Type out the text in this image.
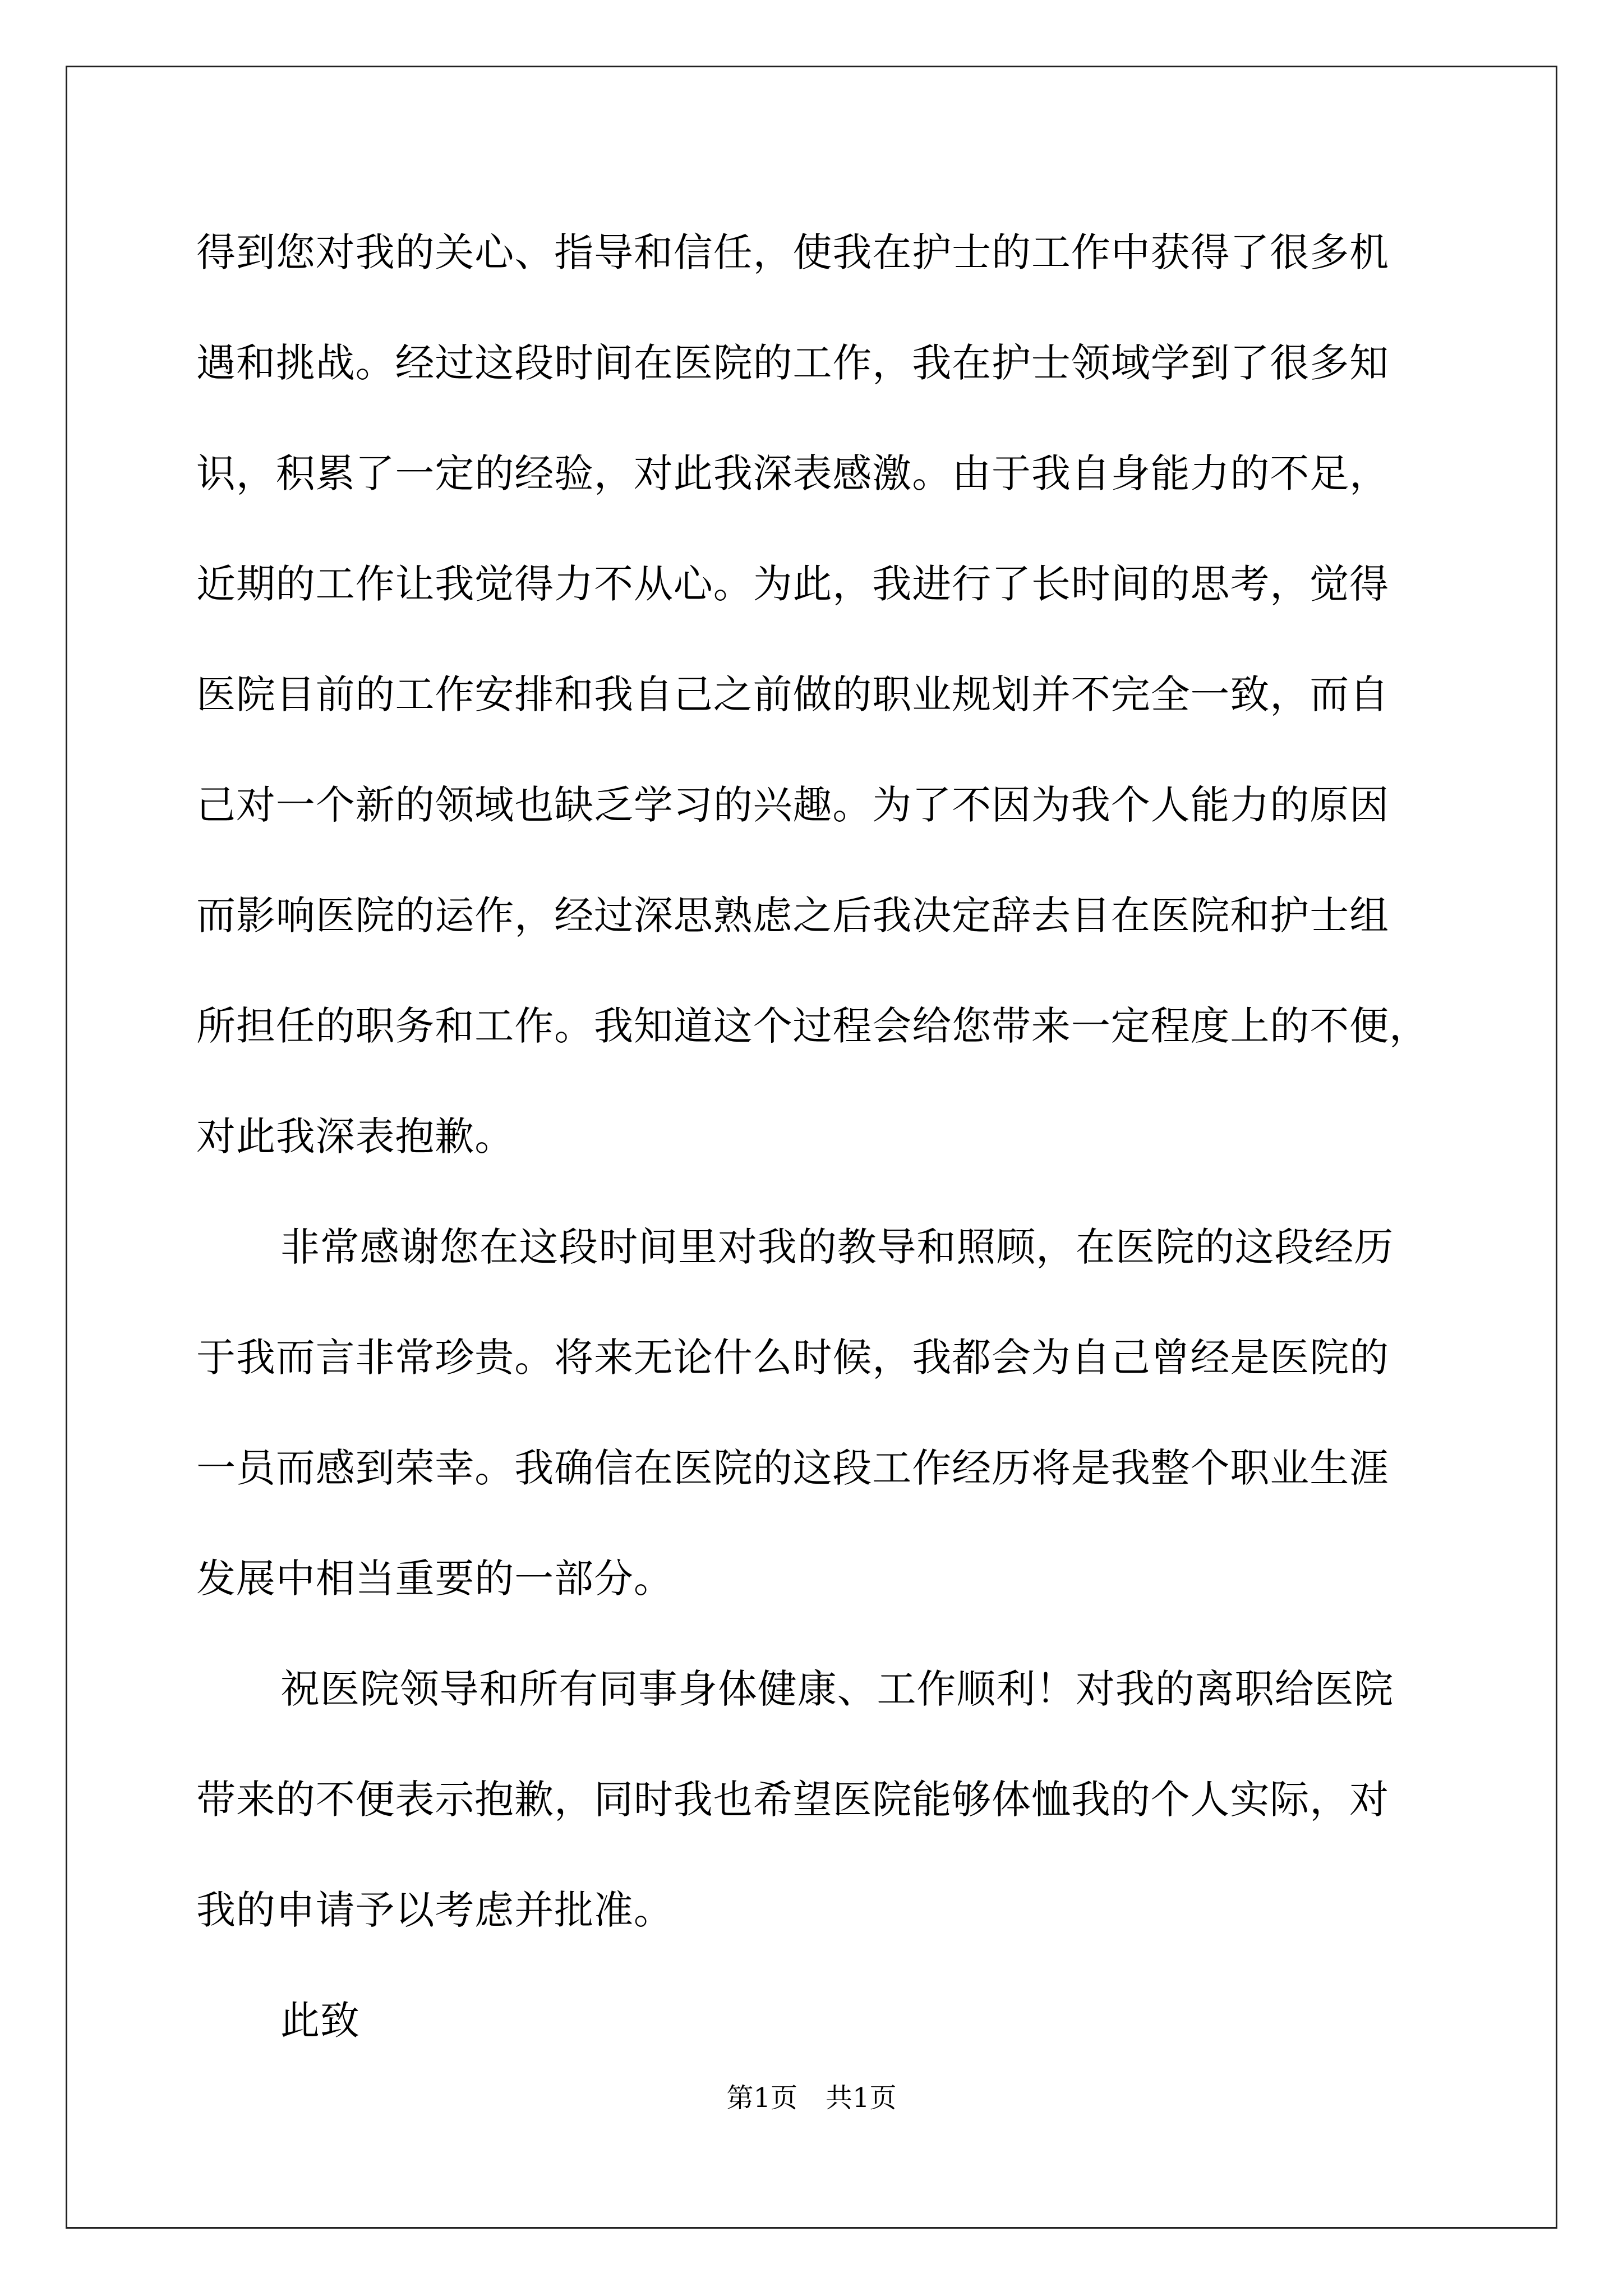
得到您对我的关心、指导和信任，使我在护士的工作中获得了很多机
遇和挑战。经过这段时间在医院的工作，我在护士领域学到了很多知
识，积累了一定的经验，对此我深表感激。由于我自身能力的不足，
近期的工作让我觉得力不从心。为此，我进行了长时间的思考，觉得
医院目前的工作安排和我自己之前做的职业规划并不完全一致，而自
己对一个新的领域也缺乏学习的兴趣。为了不因为我个人能力的原因
而影响医院的运作，经过深思熟虑之后我决定辞去目在医院和护士组
所担任的职务和工作。我知道这个过程会给您带来一定程度上的不便，
对此我深表抱歉。
非常感谢您在这段时间里对我的教导和照顾，在医院的这段经历
于我而言非常珍贵。将来无论什么时候，我都会为自己曾经是医院的
一员而感到荣幸。我确信在医院的这段工作经历将是我整个职业生涯
发展中相当重要的一部分。
祝医院领导和所有同事身体健康、工作顺利！对我的离职给医院
带来的不便表示抱歉，同时我也希望医院能够体恤我的个人实际，对
我的申请予以考虑并批准。
此致
第1页 共1页
